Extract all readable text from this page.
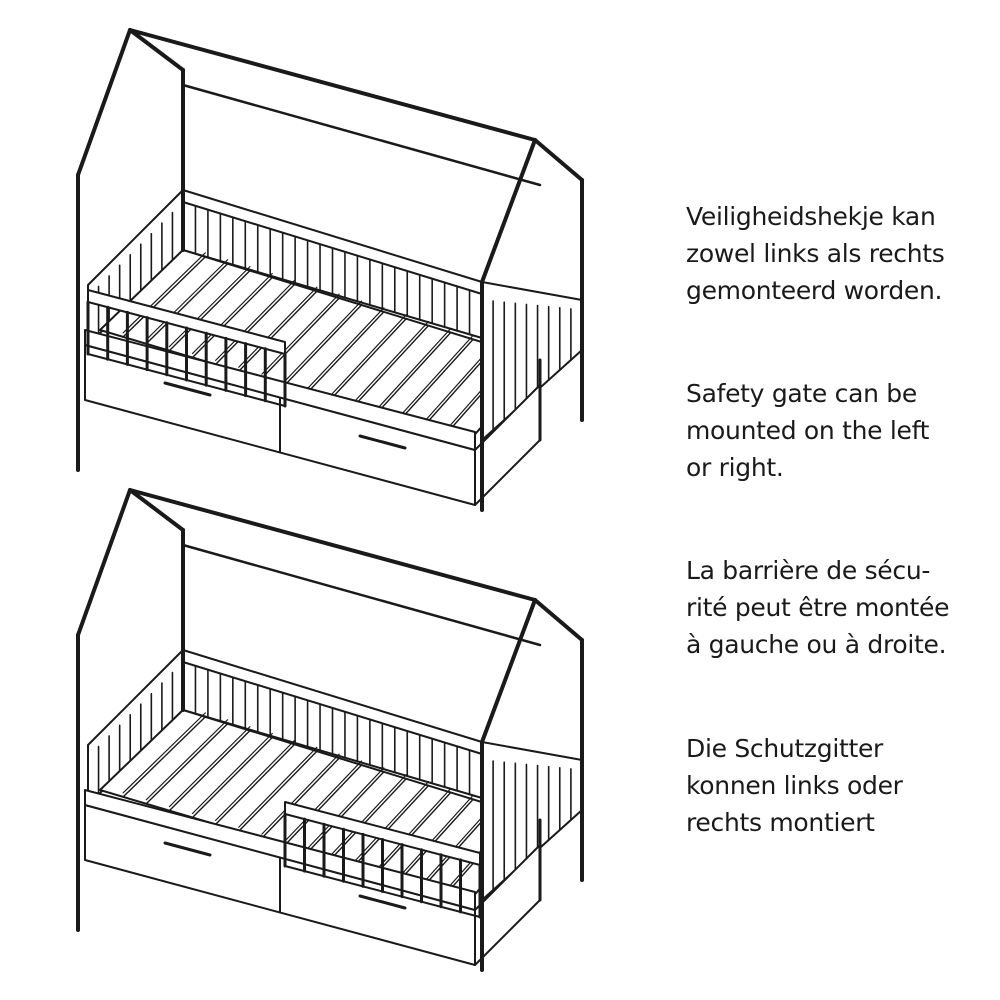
Veiligheidshekje kan
zowel links als rechts
gemonteerd worden.
Safety gate can be
mounted on the left
or right.
La barrière de sécu-
rité peut être montée
à gauche ou à droite.
Die Schutzgitter
konnen links oder
rechts montiert
